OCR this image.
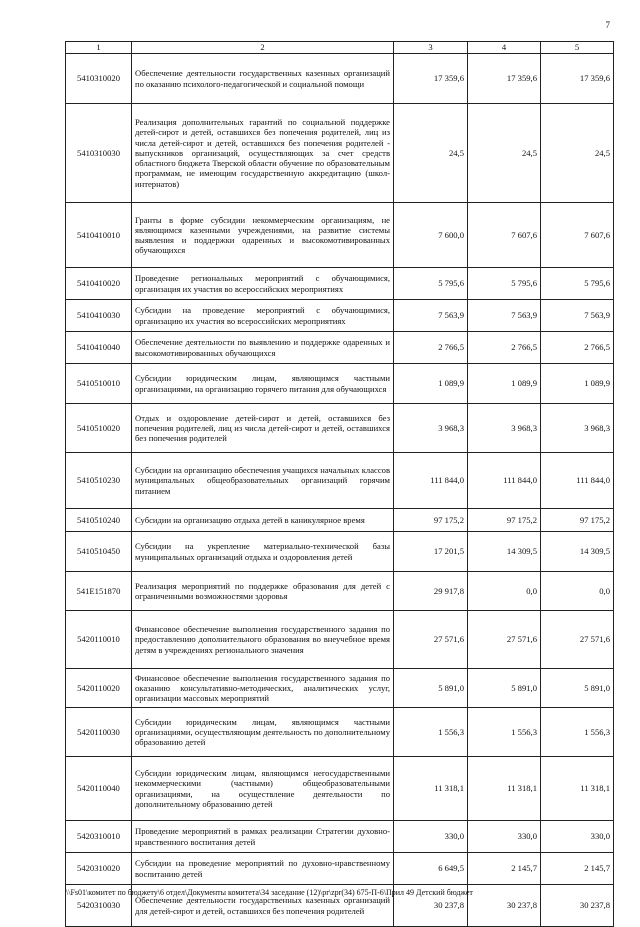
7
1	2	3	4	5
5410310020	Обеспечение деятельности государственных казенных организаций по оказанию психолого-педагогической и социальной помощи	17 359,6	17 359,6	17 359,6
5410310030	Реализация дополнительных гарантий по социальной поддержке детей-сирот и детей, оставшихся без попечения родителей, лиц из числа детей-сирот и детей, оставшихся без попечения родителей - выпускников организаций, осуществляющих за счет средств областного бюджета Тверской области обучение по образовательным программам, не имеющим государственную аккредитацию (школ-интернатов)	24,5	24,5	24,5
5410410010	Гранты в форме субсидии некоммерческим организациям, не являющимся казенными учреждениями, на развитие системы выявления и поддержки одаренных и высокомотивированных обучающихся	7 600,0	7 607,6	7 607,6
5410410020	Проведение региональных мероприятий с обучающимися, организация их участия во всероссийских мероприятиях	5 795,6	5 795,6	5 795,6
5410410030	Субсидии на проведение мероприятий с обучающимися, организацию их участия во всероссийских мероприятиях	7 563,9	7 563,9	7 563,9
5410410040	Обеспечение деятельности по выявлению и поддержке одаренных и высокомотивированных обучающихся	2 766,5	2 766,5	2 766,5
5410510010	Субсидии юридическим лицам, являющимся частными организациями, на организацию горячего питания для обучающихся	1 089,9	1 089,9	1 089,9
5410510020	Отдых и оздоровление детей-сирот и детей, оставшихся без попечения родителей, лиц из числа детей-сирот и детей, оставшихся без попечения родителей	3 968,3	3 968,3	3 968,3
5410510230	Субсидии на организацию обеспечения учащихся начальных классов муниципальных общеобразовательных организаций горячим питанием	111 844,0	111 844,0	111 844,0
5410510240	Субсидии на организацию отдыха детей в каникулярное время	97 175,2	97 175,2	97 175,2
5410510450	Субсидии на укрепление материально-технической базы муниципальных организаций отдыха и оздоровления детей	17 201,5	14 309,5	14 309,5
541E151870	Реализация мероприятий по поддержке образования для детей с ограниченными возможностями здоровья	29 917,8	0,0	0,0
5420110010	Финансовое обеспечение выполнения государственного задания по предоставлению дополнительного образования во внеучебное время детям в учреждениях регионального значения	27 571,6	27 571,6	27 571,6
5420110020	Финансовое обеспечение выполнения государственного задания по оказанию консультативно-методических, аналитических услуг, организации массовых мероприятий	5 891,0	5 891,0	5 891,0
5420110030	Субсидии юридическим лицам, являющимся частными организациями, осуществляющим деятельность по дополнительному образованию детей	1 556,3	1 556,3	1 556,3
5420110040	Субсидии юридическим лицам, являющимся негосударственными некоммерческими (частными) общеобразовательными организациями, на осуществление деятельности по дополнительному образованию детей	11 318,1	11 318,1	11 318,1
5420310010	Проведение мероприятий в рамках реализации Стратегии духовно-нравственного воспитания детей	330,0	330,0	330,0
5420310020	Субсидии на проведение мероприятий по духовно-нравственному воспитанию детей	6 649,5	2 145,7	2 145,7
5420310030	Обеспечение деятельности государственных казенных организаций для детей-сирот и детей, оставшихся без попечения родителей	30 237,8	30 237,8	30 237,8
\\Fs01\комитет по бюджету\6 отдел\Документы комитета\34 заседание (12)\pr\zpr(34) 675-П-6\Прил 49 Детский бюджет
